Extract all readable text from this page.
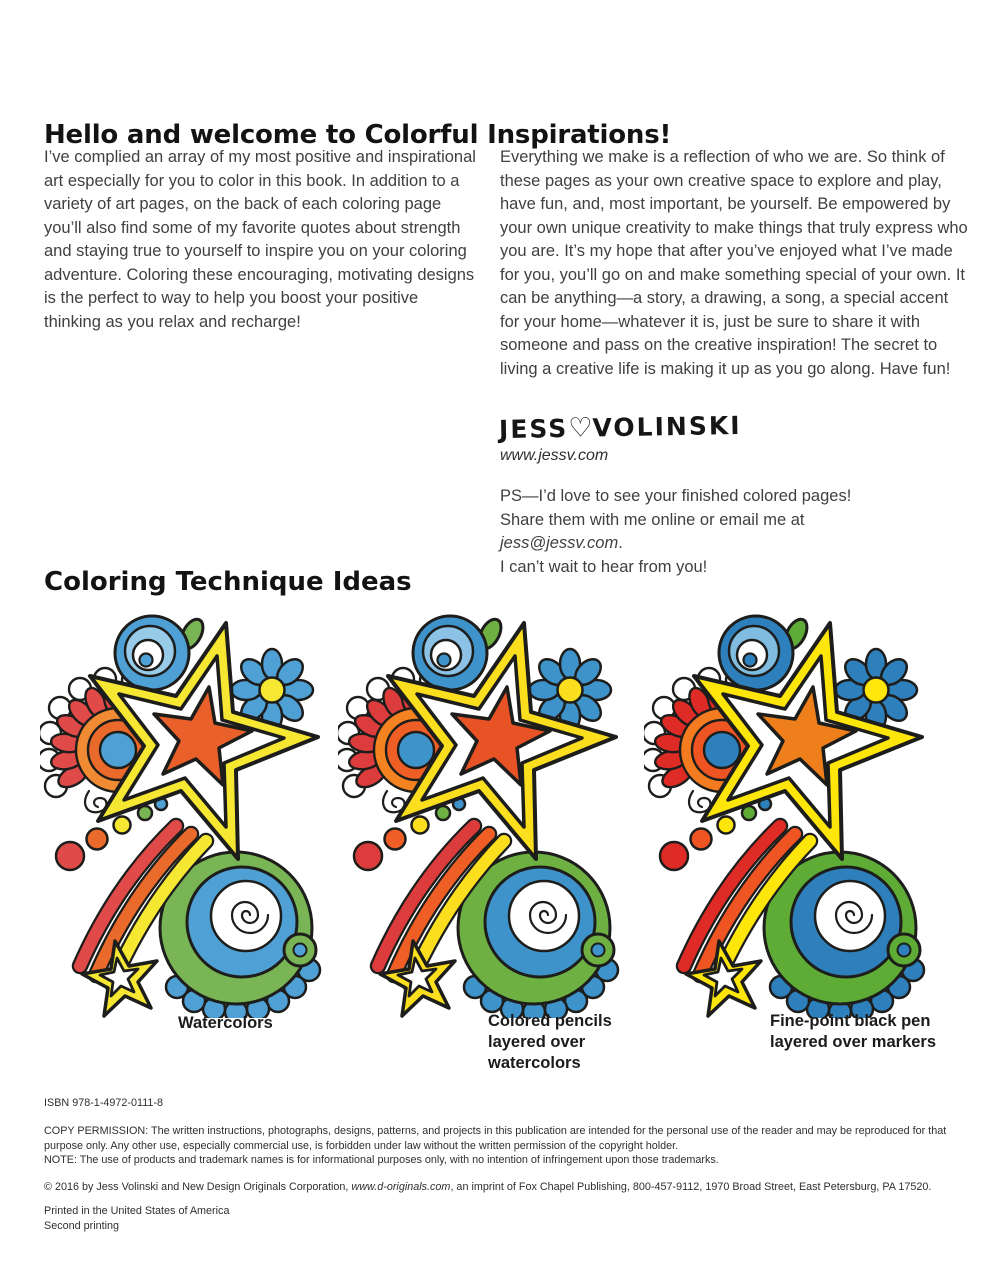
Hello and welcome to Colorful Inspirations!
I’ve complied an array of my most positive and inspirational art especially for you to color in this book. In addition to a variety of art pages, on the back of each coloring page you’ll also find some of my favorite quotes about strength and staying true to yourself to inspire you on your coloring adventure. Coloring these encouraging, motivating designs is the perfect to way to help you boost your positive thinking as you relax and recharge!
Everything we make is a reflection of who we are. So think of these pages as your own creative space to explore and play, have fun, and, most important, be yourself. Be empowered by your own unique creativity to make things that truly express who you are. It’s my hope that after you’ve enjoyed what I’ve made for you, you’ll go on and make something special of your own. It can be anything—a story, a drawing, a song, a special accent for your home—whatever it is, just be sure to share it with someone and pass on the creative inspiration! The secret to living a creative life is making it up as you go along. Have fun!
JESS♡VOLINSKI
www.jessv.com
PS—I’d love to see your finished colored pages!
Share them with me online or email me at
jess@jessv.com.
I can’t wait to hear from you!
Coloring Technique Ideas
Watercolors	Colored pencils layered over watercolors
Fine-point black pen layered over markers
ISBN 978-1-4972-0111-8
COPY PERMISSION: The written instructions, photographs, designs, patterns, and projects in this publication are intended for the personal use of the reader and may be reproduced for that purpose only. Any other use, especially commercial use, is forbidden under law without the written permission of the copyright holder.
NOTE: The use of products and trademark names is for informational purposes only, with no intention of infringement upon those trademarks.
© 2016 by Jess Volinski and New Design Originals Corporation, www.d-originals.com, an imprint of Fox Chapel Publishing, 800-457-9112, 1970 Broad Street, East Petersburg, PA 17520.
Printed in the United States of America
Second printing
